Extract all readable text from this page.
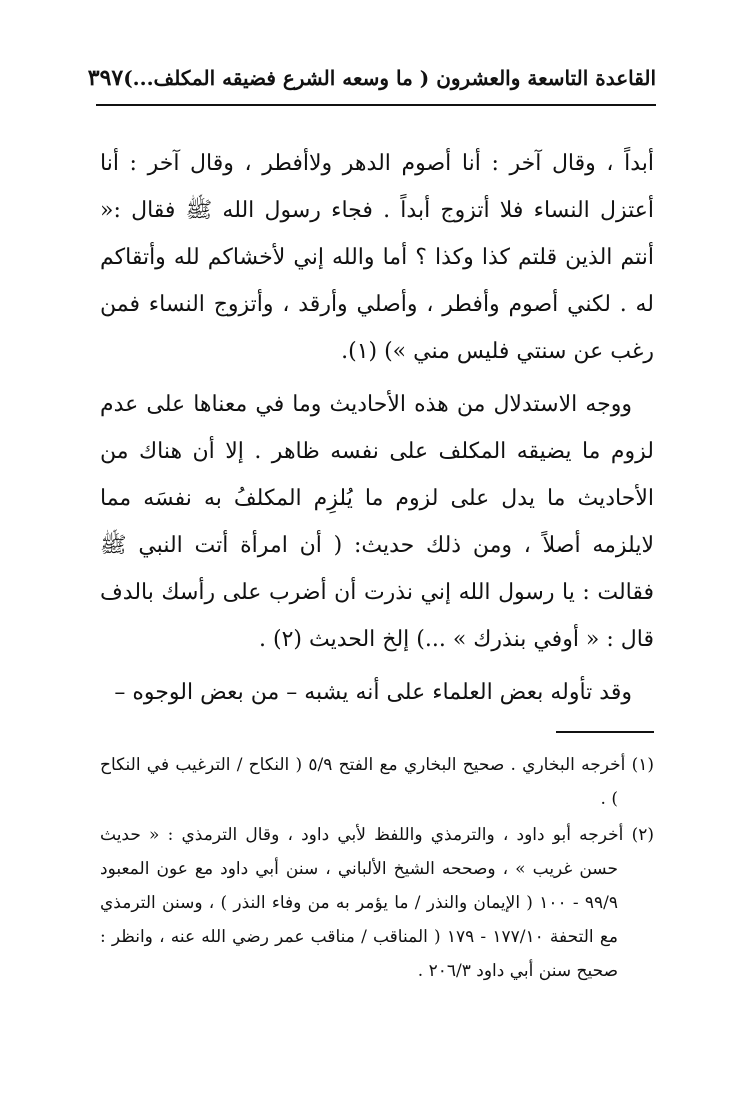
القاعدة التاسعة والعشرون ( ما وسعه الشرع فضيقه المكلف...)
٣٩٧

أبداً ، وقال آخر : أنا أصوم الدهر ولاأفطر ، وقال آخر : أنا أعتزل النساء فلا أتزوج أبداً . فجاء رسول الله ﷺ فقال :« أنتم الذين قلتم كذا وكذا ؟ أما والله إني لأخشاكم لله وأتقاكم له . لكني أصوم وأفطر ، وأصلي وأرقد ، وأتزوج النساء فمن رغب عن سنتي فليس مني ») (١).

ووجه الاستدلال من هذه الأحاديث وما في معناها على عدم لزوم ما يضيقه المكلف على نفسه ظاهر . إلا أن هناك من الأحاديث ما يدل على لزوم ما يُلزِم المكلفُ به نفسَه مما لايلزمه أصلاً ، ومن ذلك حديث: ( أن امرأة أتت النبي ﷺ فقالت : يا رسول الله إني نذرت أن أضرب على رأسك بالدف قال : « أوفي بنذرك » ...) إلخ الحديث (٢) .

وقد تأوله بعض العلماء على أنه يشبه – من بعض الوجوه –

(١) أخرجه البخاري . صحيح البخاري مع الفتح ٥/٩ ( النكاح / الترغيب في النكاح ) .

(٢) أخرجه أبو داود ، والترمذي واللفظ لأبي داود ، وقال الترمذي : « حديث حسن غريب » ، وصححه الشيخ الألباني ، سنن أبي داود مع عون المعبود ٩٩/٩ - ١٠٠ ( الإيمان والنذر / ما يؤمر به من وفاء النذر ) ، وسنن الترمذي مع التحفة ١٧٧/١٠ - ١٧٩ ( المناقب / مناقب عمر رضي الله عنه ، وانظر : صحيح سنن أبي داود ٢٠٦/٣ .
